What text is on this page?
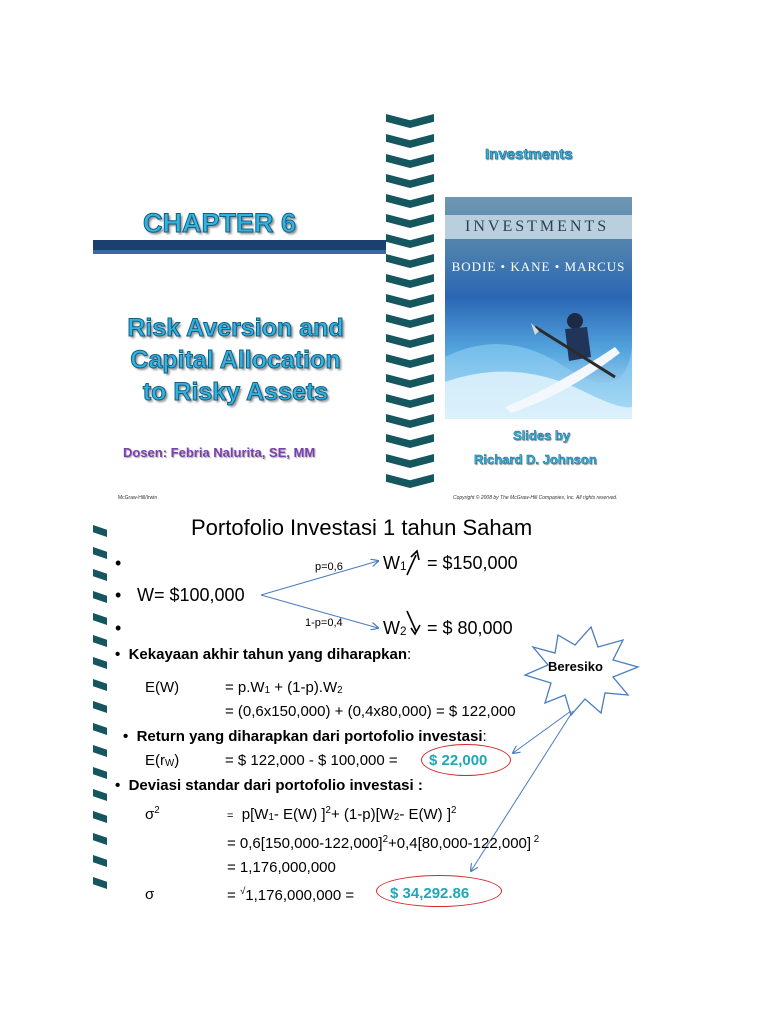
CHAPTER 6
Risk Aversion and
Capital Allocation
to Risky Assets
Dosen: Febria Nalurita, SE, MM
Investments
INVESTMENTS
BODIE • KANE • MARCUS
Slides by
Richard D. Johnson
McGraw-Hill/Irwin	Copyright © 2008 by The McGraw-Hill Companies, Inc. All rights reserved.
Portofolio Investasi 1 tahun Saham
•
•
•
W= $100,000
p=0,6
1-p=0,4
$W_1$ = $150,000
$W_2$ = $ 80,000
•  Kekayaan akhir tahun yang diharapkan:
Beresiko
E(W)	= $p.W_1 + (1-p).W_2$
= (0,6x150,000) + (0,4x80,000) = $ 122,000
•  Return yang diharapkan dari portofolio investasi:
$E(r_W)$	= $ 122,000 - $ 100,000 = $ 22,000
•  Deviasi standar dari portofolio investasi :
$\sigma^2$	= $p[W_1-$ E(W) ]$^2+ (1-p)[W_2-$ E(W) ]$^2$
= $0,6[150,000-122,000]^2+0,4[80,000-122,000]$ $^2$
= 1,176,000,000
σ	= √1,176,000,000 = $ 34,292.86
